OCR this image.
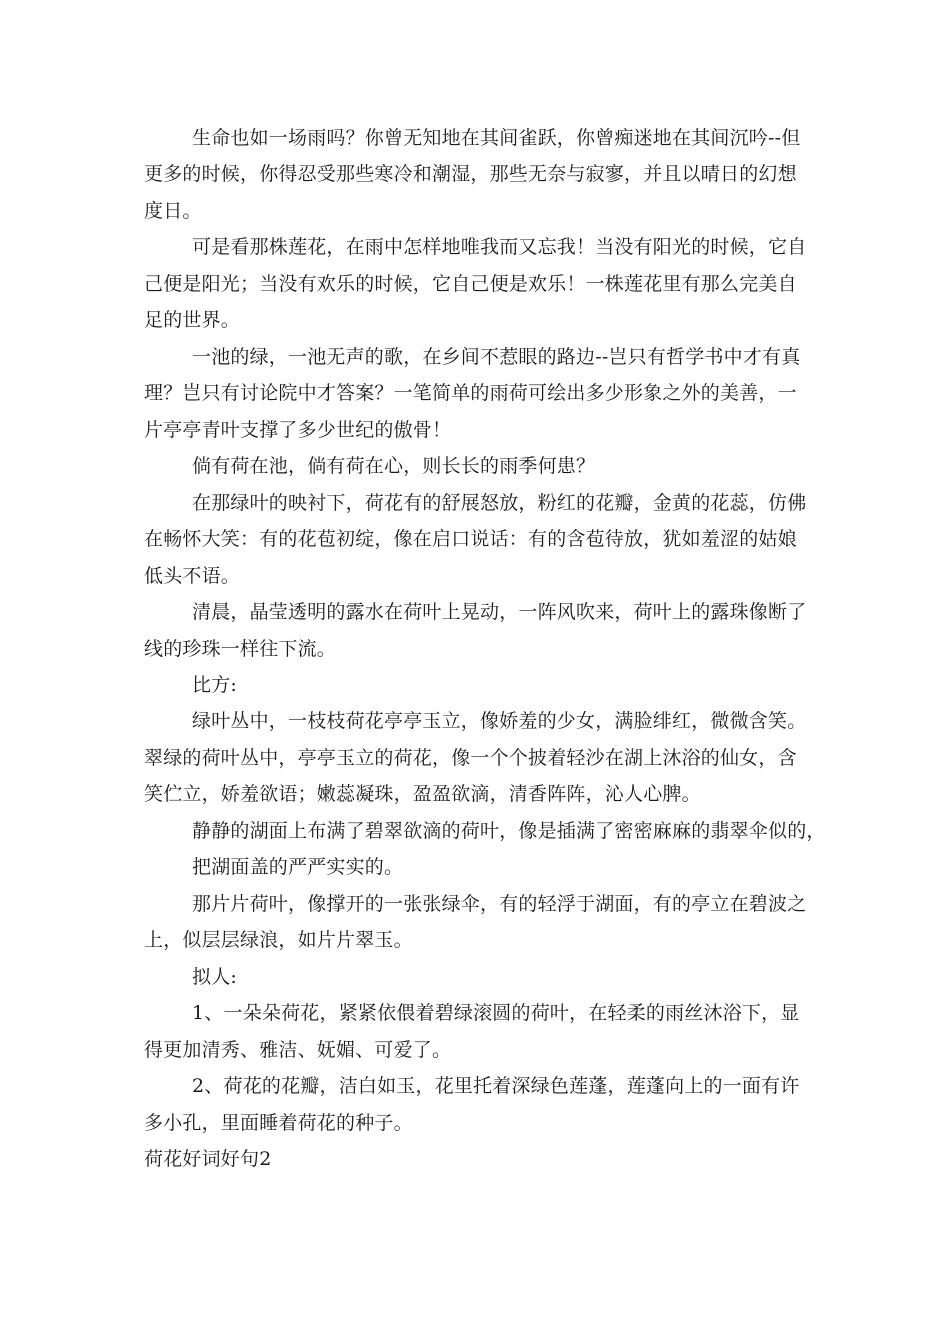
生命也如一场雨吗？你曾无知地在其间雀跃，你曾痴迷地在其间沉吟--但
更多的时候，你得忍受那些寒冷和潮湿，那些无奈与寂寥，并且以晴日的幻想
度日。
可是看那株莲花，在雨中怎样地唯我而又忘我！当没有阳光的时候，它自
己便是阳光；当没有欢乐的时候，它自己便是欢乐！一株莲花里有那么完美自
足的世界。
一池的绿，一池无声的歌，在乡间不惹眼的路边--岂只有哲学书中才有真
理？岂只有讨论院中才答案？一笔简单的雨荷可绘出多少形象之外的美善，一
片亭亭青叶支撑了多少世纪的傲骨！
倘有荷在池，倘有荷在心，则长长的雨季何患？
在那绿叶的映衬下，荷花有的舒展怒放，粉红的花瓣，金黄的花蕊，仿佛
在畅怀大笑：有的花苞初绽，像在启口说话：有的含苞待放，犹如羞涩的姑娘
低头不语。
清晨，晶莹透明的露水在荷叶上晃动，一阵风吹来，荷叶上的露珠像断了
线的珍珠一样往下流。
比方:
绿叶丛中，一枝枝荷花亭亭玉立，像娇羞的少女，满脸绯红，微微含笑。
翠绿的荷叶丛中，亭亭玉立的荷花，像一个个披着轻沙在湖上沐浴的仙女，含
笑伫立，娇羞欲语；嫩蕊凝珠，盈盈欲滴，清香阵阵，沁人心脾。
静静的湖面上布满了碧翠欲滴的荷叶，像是插满了密密麻麻的翡翠伞似的，
把湖面盖的严严实实的。
那片片荷叶，像撑开的一张张绿伞，有的轻浮于湖面，有的亭立在碧波之
上，似层层绿浪，如片片翠玉。
拟人:
1、一朵朵荷花，紧紧依偎着碧绿滚圆的荷叶，在轻柔的雨丝沐浴下，显
得更加清秀、雅洁、妩媚、可爱了。
2、荷花的花瓣，洁白如玉，花里托着深绿色莲蓬，莲蓬向上的一面有许
多小孔，里面睡着荷花的种子。
荷花好词好句2
